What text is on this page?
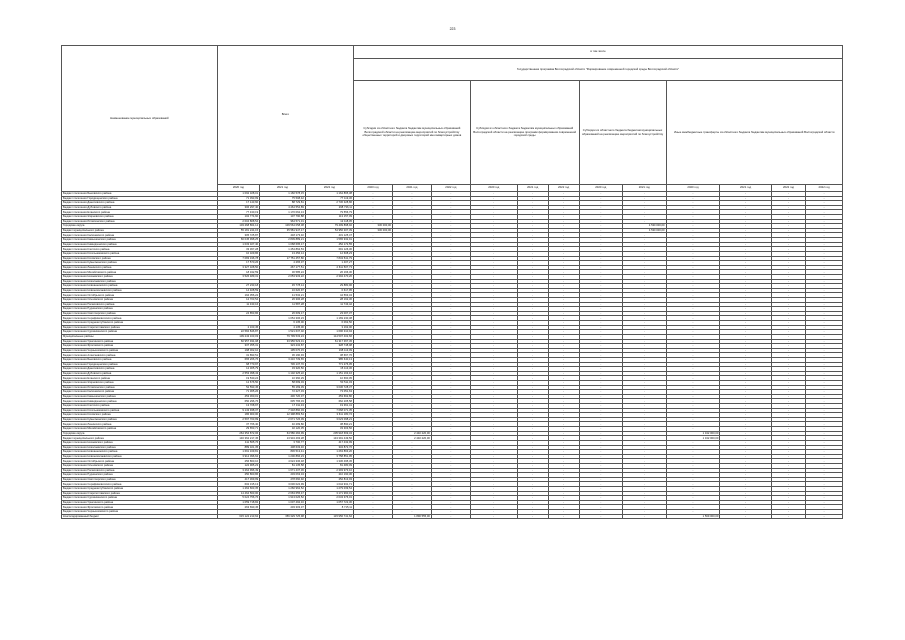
223
Наименование муниципальных образований	Всего			в том числе											
				Государственная программа Волгоградской области "Формирование современной городской среды Волгоградской области"											
				Субсидии из областного бюджета бюджетам муниципальных образований Волгоградской области на реализацию мероприятий по благоустройству общественных территорий и дворовых территорий многоквартирных домов			Субсидии из областного бюджета бюджетам муниципальных образований Волгоградской области на реализацию программ формирования современной городской среды			Субсидии из областного бюджета бюджетам муниципальных образований на реализацию мероприятий по благоустройству		Иные межбюджетные трансферты из областного бюджета бюджетам муниципальных образований Волгоградской области			
	2020 год	2021 год	2022 год	2020 год	2021 год	2022 год	2020 год	2021 год	2022 год	2020 год	2021 год	2020 год	2021 год	2022 год	2022 год
Бюджет поселения Быковского района	1 092 328,01	1 160 578,15	1 164 865,38	-	-	-	-	-	-	-	-	-	-	-	-
Бюджет поселения Городищенского района	71 393,99	75 508,42	77 119,36	-	-	-	-	-	-	-	-	-	-	-	-
Бюджет поселения Даниловского района	17 143,60	88 729,81	2 736 328,86	-	-	-	-	-	-	-	-	-	-	-	-
Бюджет поселения Дубовского района	306 297,40	4 464 554,89	298 736,11	-	-	-	-	-	-	-	-	-	-	-	-
Бюджет поселения Еланского района	77 430,19	1 170 062,13	79 556,79	-	-	-	-	-	-	-	-	-	-	-	-
Бюджет поселения Жирновского района	102 774,60	107 790,88	113 157,09	-	-	-	-	-	-	-	-	-	-	-	-
Бюджет поселения Иловлинского района	2 004 808,54	964 571,31	12 118,05	-	-	-	-	-	-	-	-	-	-	-	-
Городские округа	103 268 864,12	109 564 058,38	79 409 898,92	330 000,00	-	-	-	-	-	-	4 530 000,00	-	-	-	-
Бюджет муниципального района	55 181 244,15	35 581 947,17	54 956 307,39	330 000,00	-	-	-	-	-	-	4 530 000,00	-	-	-	-
Бюджет поселения Калачевского района	305 725,87	418 173,40	431 125,47	-	-	-	-	-	-	-	-	-	-	-	-
Бюджет поселения Камышинского района	66 045 998,25	2 809 889,21	1 565 932,91	-	-	-	-	-	-	-	-	-	-	-	-
Бюджет поселения Киквидзенского района	1 033 327,40	1 068 695,17	452 172,55	-	-	-	-	-	-	-	-	-	-	-	-
Бюджет поселения Клетского района	33 367,28	1 454 862,53	691 126,30	-	-	-	-	-	-	-	-	-	-	-	-
Бюджет поселения Котельниковского района	10 329,86	13 456,14	12 608,23	-	-	-	-	-	-	-	-	-	-	-	-
Бюджет поселения Котовского района	7 083 196,78	17 751 457,80	7 843 541,79	-	-	-	-	-	-	-	-	-	-	-	-
Бюджет поселения Кумылженского района	17 570,26	4 265,37	1 407,27	-	-	-	-	-	-	-	-	-	-	-	-
Бюджет поселения Ленинского района	3 327 328,50	267 177,51	2 611 507,73	-	-	-	-	-	-	-	-	-	-	-	-
Бюджет поселения Михайловского района	18 342,59	30 585,24	26 166,30	-	-	-	-	-	-	-	-	-	-	-	-
Бюджет поселения Нехаевского района	3 526 489,31	2 053 933,22	2 394 470,20	-	-	-	-	-	-	-	-	-	-	-	-
Бюджет поселения Николаевского района				-	-	-	-	-	-	-	-	-	-	-	-
Бюджет поселения Новоаннинского района	27 233,18	45 778,14	29 880,96	-	-	-	-	-	-	-	-	-	-	-	-
Бюджет поселения Новониколаевского района	14 408,59	16 620,97	6 617,95	-	-	-	-	-	-	-	-	-	-	-	-
Бюджет поселения Октябрьского района	194 056,22	41 532,21	44 563,34	-	-	-	-	-	-	-	-	-	-	-	-
Бюджет поселения Ольховского района	12 703,54	26 306,28	28 162,36	-	-	-	-	-	-	-	-	-	-	-	-
Бюджет поселения Паласовского района	11 433,16	11 587,28	11 743,42	-	-	-	-	-	-	-	-	-	-	-	-
Бюджет поселения Руднянского района				-	-	-	-	-	-	-	-	-	-	-	-
Бюджет поселения Светлоярского района	24 853,86	26 609,17	23 007,37	-	-	-	-	-	-	-	-	-	-	-	-
Бюджет поселения Серафимовичского района		1 054 306,23	1 169 230,38	-	-	-	-	-	-	-	-	-	-	-	-
Бюджет поселения Среднеахтубинского района		6 135,00	6 062,50	-	-	-	-	-	-	-	-	-	-	-	-
Бюджет поселения Старополтавского района	2 163,45	4 135,00	3 162,00	-	-	-	-	-	-	-	-	-	-	-	-
Бюджет поселения Суровикинского района	22 584 846,87	1 521 637,02	1 696 310,94	-	-	-	-	-	-	-	-	-	-	-	-
Муниципальные районы	109 243 163,03	79 799 533,24	114 507 402,66	-	-	-	-	-	-	-	-	-	-	-	-
Бюджет поселения Урюпинского района	60 957 934,08	33 956 523,31	61 317 367,45	-	-	-	-	-	-	-	-	-	-	-	-
Бюджет поселения Фроловского района	337 355,31	323 232,87	328 748,98	-	-	-	-	-	-	-	-	-	-	-	-
Бюджет поселения Чернышковского района	198 302,10	195 070,15	198 113,09	-	-	-	-	-	-	-	-	-	-	-	-
Бюджет поселения Алексеевского района	31 893,51	36 190,93	38 667,76	-	-	-	-	-	-	-	-	-	-	-	-
Бюджет поселения Быковского района	665 266,76	3 416 739,65	985 640,13	-	-	-	-	-	-	-	-	-	-	-	-
Бюджет поселения Городищенского района	68 770,97	736 137,70	771 276,05	-	-	-	-	-	-	-	-	-	-	-	-
Бюджет поселения Даниловского района	12 305,79	33 320,50	15 113,36	-	-	-	-	-	-	-	-	-	-	-	-
Бюджет поселения Дубовского района	2 553 098,43	1 102 325,22	1 151 163,16	-	-	-	-	-	-	-	-	-	-	-	-
Бюджет поселения Еланского района	19 530,24	10 360,29	10 660,05	-	-	-	-	-	-	-	-	-	-	-	-
Бюджет поселения Жирновского района	12 676,50	58 699,03	50 511,03	-	-	-	-	-	-	-	-	-	-	-	-
Бюджет поселения Иловлинского района	52 593,45	55 169,39	3 036 728,37	-	-	-	-	-	-	-	-	-	-	-	-
Бюджет поселения Калачевского района	71 365,26	72 227,33	73 051,63	-	-	-	-	-	-	-	-	-	-	-	-
Бюджет поселения Камышинского района	453 360,01	430 720,37	453 662,80	-	-	-	-	-	-	-	-	-	-	-	-
Бюджет поселения Киквидзенского района	650 296,76	635 765,33	662 205,58	-	-	-	-	-	-	-	-	-	-	-	-
Бюджет поселения Клетского района	13 708,97	17 311,43	19 361,41	-	-	-	-	-	-	-	-	-	-	-	-
Бюджет поселения Котельниковского района	9 143 938,37	7 318 860,03	7 668 071,35	-	-	-	-	-	-	-	-	-	-	-	-
Бюджет поселения Котовского района	186 903,00	12 398 883,54	3 611 180,72	-	-	-	-	-	-	-	-	-	-	-	-
Бюджет поселения Кумылженского района	2 597 703,99	2 671 726,09	3 023 098,21	-	-	-	-	-	-	-	-	-	-	-	-
Бюджет поселения Ленинского района	37 766,40	40 299,80	38 890,21	-	-	-	-	-	-	-	-	-	-	-	-
Бюджет поселения Михайловского района	29 653,71	32 120,35	33 303,56	-	-	-	-	-	-	-	-	-	-	-	-
Городские округа	264 354 872,06	64 580 284,99	205 918 669,34	-	2 440 220,00	-	-	-	-	-	-	1 342 000,00	-	-	-
Бюджет муниципального района	146 362 217,45	13 934 493,28	143 391 449,56	-	2 440 220,00	-	-	-	-	-	-	1 342 000,00	-	-	-
Бюджет поселения Нехаевского района	411 565,76	3 700,77	417 432,99	-	-	-	-	-	-	-	-	-	-	-	-
Бюджет поселения Николаевского района	889 321,35	438 633,46	334 872,76	-	-	-	-	-	-	-	-	-	-	-	-
Бюджет поселения Новоаннинского района	1 691 169,81	836 513,41	1 263 863,20	-	-	-	-	-	-	-	-	-	-	-	-
Бюджет поселения Новониколаевского района	3 912 096,62	1 200 866,23	3 758 851,95	-	-	-	-	-	-	-	-	-	-	-	-
Бюджет поселения Октябрьского района	256 860,10	4 624 336,48	1 336 495,45	-	-	-	-	-	-	-	-	-	-	-	-
Бюджет поселения Ольховского района	122 965,23	81 135,58	81 480,09	-	-	-	-	-	-	-	-	-	-	-	-
Бюджет поселения Паласовского района	3 264 996,49	1 671 437,36	2 393 973,10	-	-	-	-	-	-	-	-	-	-	-	-
Бюджет поселения Руднянского района	250 860,86	203 063,34	210 190,30	-	-	-	-	-	-	-	-	-	-	-	-
Бюджет поселения Светлоярского района	417 369,99	278 660,92	252 813,93	-	-	-	-	-	-	-	-	-	-	-	-
Бюджет поселения Серафимовичского района	602 315,13	3 030 022,99	1 044 931,71	-	-	-	-	-	-	-	-	-	-	-	-
Бюджет поселения Среднеахтубинского района	1 262 663,35	1 260 962,52	1 279 039,54	-	-	-	-	-	-	-	-	-	-	-	-
Бюджет поселения Старополтавского района	14 464 563,00	2 663 655,47	3 171 960,01	-	-	-	-	-	-	-	-	-	-	-	-
Бюджет поселения Суровикинского района	5 024 756,76	1 913 026,52	2 043 376,01	-	-	-	-	-	-	-	-	-	-	-	-
Бюджет поселения Урюпинского района	1 059 718,82	1 007 492,16	1 057 722,30	-	-	-	-	-	-	-	-	-	-	-	-
Бюджет поселения Фроловского района	263 690,45	203 303,37	8 715,11	-	-	-	-	-	-	-	-	-	-	-	-
Бюджет поселения Чернышковского района				-	-	-	-	-	-	-	-	-	-	-	-
Консолидированный бюджет	615 122 213,62	356 329 725,98	115 956 741,62	-	1 890 555,00	-	-	-	-	-	-	1 569 000,00	-	-	-
